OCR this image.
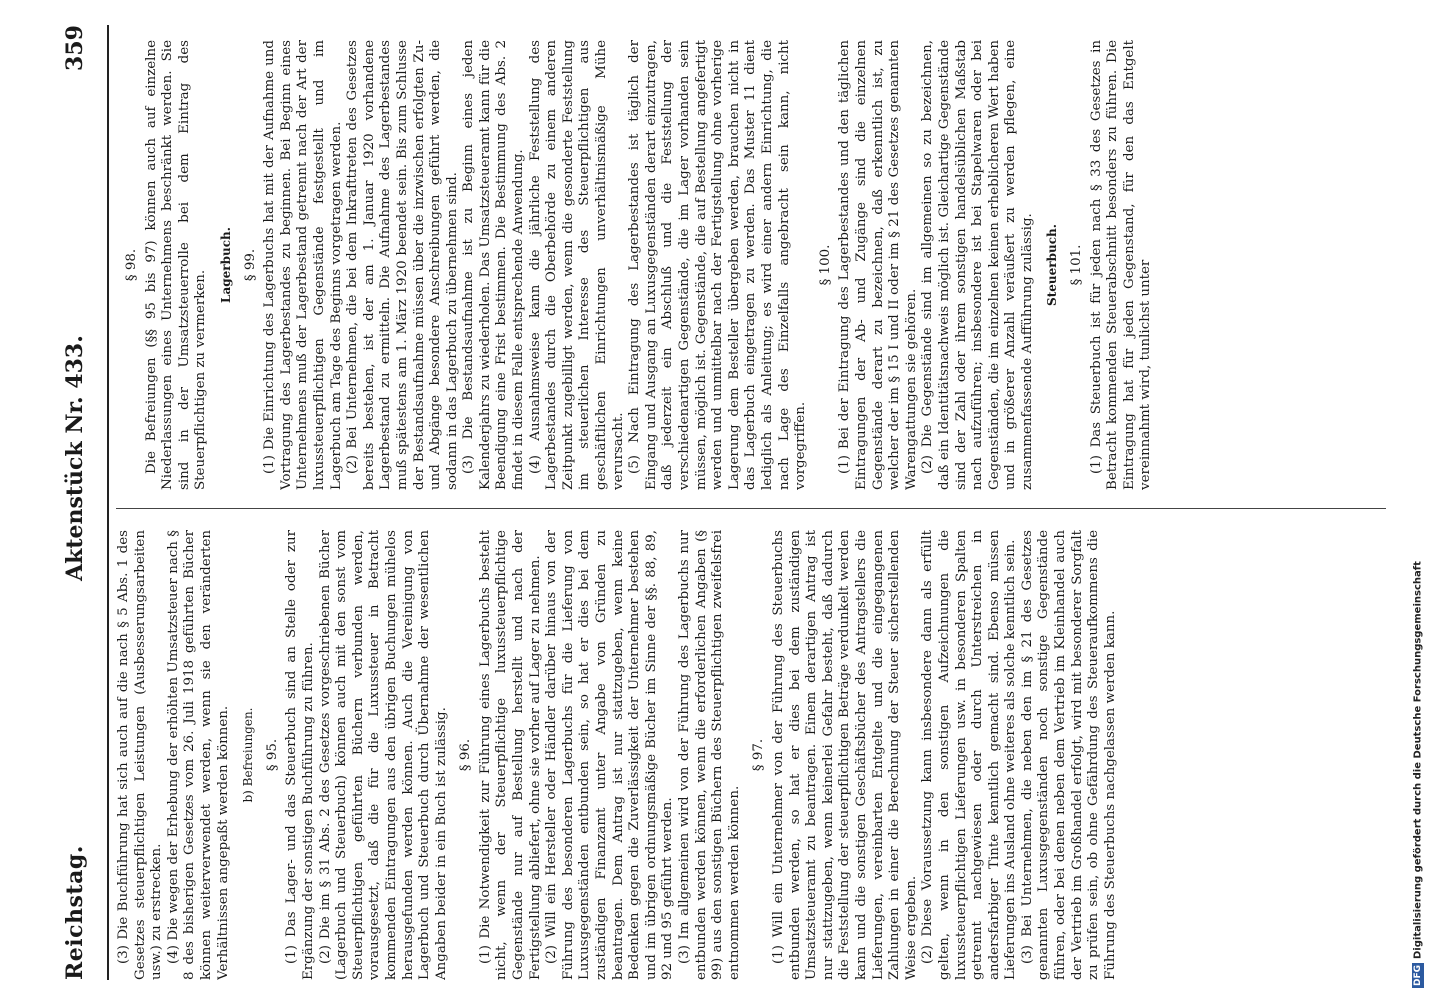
Reichstag.
Aktenstück Nr. 433.
359

(3) Die Buchführung hat sich auch auf die nach § 5 Abs. 1 des Gesetzes steuerpflichtigen Leistungen (Ausbesserungsarbeiten usw.) zu erstrecken. (4) Die wegen der Erhebung der erhöhten Umsatzsteuer nach § 8 des bisherigen Gesetzes vom 26. Juli 1918 geführten Bücher können weiterverwendet werden, wenn sie den veränderten Verhältnissen angepaßt werden können. b) Befreiungen. § 95. (1) Das Lager- und das Steuerbuch sind an Stelle oder zur Ergänzung der sonstigen Buchführung zu führen. (2) Die im § 31 Abs. 2 des Gesetzes vorgeschriebenen Bücher (Lagerbuch und Steuerbuch) können auch mit den sonst vom Steuerpflichtigen geführten Büchern verbunden werden, vorausgesetzt, daß die für die Luxussteuer in Betracht kommenden Eintragungen aus den übrigen Buchungen mühelos herausgefunden werden können. Auch die Vereinigung von Lagerbuch und Steuerbuch durch Übernahme der wesentlichen Angaben beider in ein Buch ist zulässig. § 96. (1) Die Notwendigkeit zur Führung eines Lagerbuchs besteht nicht, wenn der Steuerpflichtige luxussteuerpflichtige Gegenstände nur auf Bestellung herstellt und nach der Fertigstellung abliefert, ohne sie vorher auf Lager zu nehmen. (2) Will ein Hersteller oder Händler darüber hinaus von der Führung des besonderen Lagerbuchs für die Lieferung von Luxusgegenständen entbunden sein, so hat er dies bei dem zuständigen Finanzamt unter Angabe von Gründen zu beantragen. Dem Antrag ist nur stattzugeben, wenn keine Bedenken gegen die Zuverlässigkeit der Unternehmer bestehen und im übrigen ordnungsmäßige Bücher im Sinne der §§. 88, 89, 92 und 95 geführt werden. (3) Im allgemeinen wird von der Führung des Lagerbuchs nur entbunden werden können, wenn die erforderlichen Angaben (§ 99) aus den sonstigen Büchern des Steuerpflichtigen zweifelsfrei entnommen werden können.

§ 97. (1) Will ein Unternehmer von der Führung des Steuerbuchs entbunden werden, so hat er dies bei dem zuständigen Umsatzsteueramt zu beantragen. Einem derartigen Antrag ist nur stattzugeben, wenn keinerlei Gefahr besteht, daß dadurch die Feststellung der steuerpflichtigen Beträge verdunkelt werden kann und die sonstigen Geschäftsbücher des Antragstellers die Lieferungen, vereinbarten Entgelte und die eingegangenen Zahlungen in einer die Berechnung der Steuer sicherstellenden Weise ergeben. (2) Diese Voraussetzung kann insbesondere dann als erfüllt gelten, wenn in den sonstigen Aufzeichnungen die luxussteuerpflichtigen Lieferungen usw. in besonderen Spalten getrennt nachgewiesen oder durch Unterstreichen in andersfarbiger Tinte kenntlich gemacht sind. Ebenso müssen Lieferungen ins Ausland ohne weiteres als solche kenntlich sein. (3) Bei Unternehmen, die neben den im § 21 des Gesetzes genannten Luxusgegenständen noch sonstige Gegenstände führen, oder bei denen neben dem Vertrieb im Kleinhandel auch der Vertrieb im Großhandel erfolgt, wird mit besonderer Sorgfalt zu prüfen sein, ob ohne Gefährdung des Steueraufkommens die Führung des Steuerbuchs nachgelassen werden kann.

§ 98. Die Befreiungen (§§ 95 bis 97) können auch auf einzelne Niederlassungen eines Unternehmens beschränkt werden. Sie sind in der Umsatzsteuerrolle bei dem Eintrag des Steuerpflichtigen zu vermerken.

Lagerbuch. § 99. (1) Die Einrichtung des Lagerbuchs hat mit der Aufnahme und Vortragung des Lagerbestandes zu beginnen. Bei Beginn eines Unternehmens muß der Lagerbestand getrennt nach der Art der luxussteuerpflichtigen Gegenstände festgestellt und im Lagerbuch am Tage des Beginns vorgetragen werden. (2) Bei Unternehmen, die bei dem Inkrafttreten des Gesetzes bereits bestehen, ist der am 1. Januar 1920 vorhandene Lagerbestand zu ermitteln. Die Aufnahme des Lagerbestandes muß spätestens am 1. März 1920 beendet sein. Bis zum Schlusse der Bestandsaufnahme müssen über die inzwischen erfolgten Zu- und Abgänge besondere Anschreibungen geführt werden, die sodann in das Lagerbuch zu übernehmen sind. (3) Die Bestandsaufnahme ist zu Beginn eines jeden Kalenderjahrs zu wiederholen. Das Umsatzsteueramt kann für die Beendigung eine Frist bestimmen. Die Bestimmung des Abs. 2 findet in diesem Falle entsprechende Anwendung. (4) Ausnahmsweise kann die jährliche Feststellung des Lagerbestandes durch die Oberbehörde zu einem anderen Zeitpunkt zugebilligt werden, wenn die gesonderte Feststellung im steuerlichen Interesse des Steuerpflichtigen aus geschäftlichen Einrichtungen unverhältnismäßige Mühe verursacht. (5) Nach Eintragung des Lagerbestandes ist täglich der Eingang und Ausgang an Luxusgegenständen derart einzutragen, daß jederzeit ein Abschluß und die Feststellung der verschiedenartigen Gegenstände, die im Lager vorhanden sein müssen, möglich ist. Gegenstände, die auf Bestellung angefertigt werden und unmittelbar nach der Fertigstellung ohne vorherige Lagerung dem Besteller übergeben werden, brauchen nicht in das Lagerbuch eingetragen zu werden. Das Muster 11 dient lediglich als Anleitung; es wird einer andern Einrichtung, die nach Lage des Einzelfalls angebracht sein kann, nicht vorgegriffen.

§ 100. (1) Bei der Eintragung des Lagerbestandes und den täglichen Eintragungen der Ab- und Zugänge sind die einzelnen Gegenstände derart zu bezeichnen, daß erkenntlich ist, zu welcher der im § 15 I und II oder im § 21 des Gesetzes genannten Warengattungen sie gehören. (2) Die Gegenstände sind im allgemeinen so zu bezeichnen, daß ein Identitätsnachweis möglich ist. Gleichartige Gegenstände sind der Zahl oder ihrem sonstigen handelsüblichen Maßstab nach aufzuführen; insbesondere ist bei Stapelwaren oder bei Gegenständen, die im einzelnen keinen erheblicheren Wert haben und in größerer Anzahl veräußert zu werden pflegen, eine zusammenfassende Aufführung zulässig. Steuerbuch. § 101. (1) Das Steuerbuch ist für jeden nach § 33 des Gesetzes in Betracht kommenden Steuerabschnitt besonders zu führen. Die Eintragung hat für jeden Gegenstand, für den das Entgelt vereinnahmt wird, tunlichst unter

DFG
Digitalisierung gefördert durch die Deutsche Forschungsgemeinschaft
